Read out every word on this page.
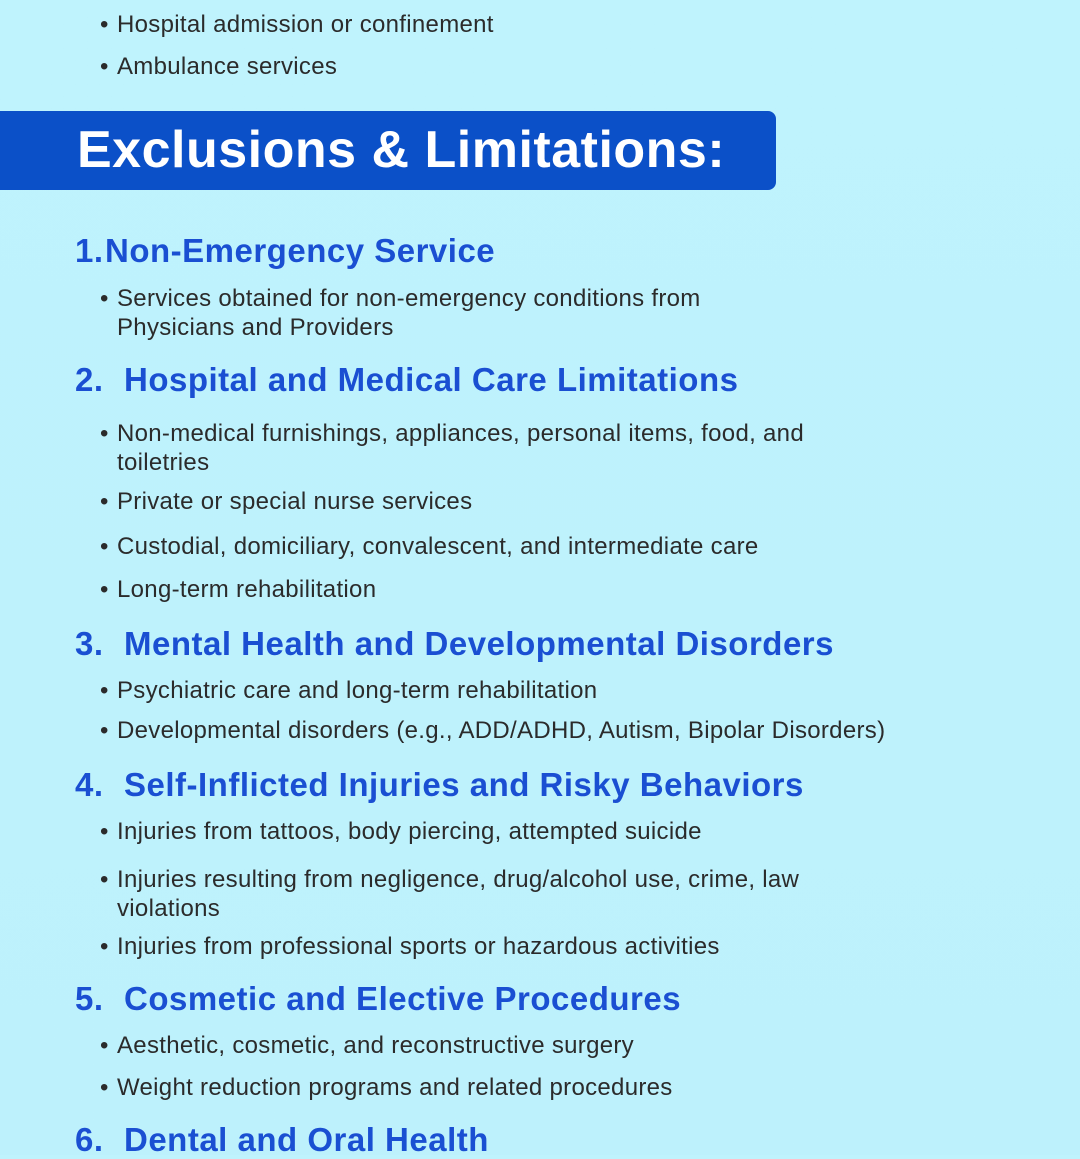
• Hospital admission or confinement
• Ambulance services
Exclusions & Limitations:
1. Non-Emergency Service
• Services obtained for non-emergency conditions from Physicians and Providers
2. Hospital and Medical Care Limitations
• Non-medical furnishings, appliances, personal items, food, and toiletries
• Private or special nurse services
• Custodial, domiciliary, convalescent, and intermediate care
• Long-term rehabilitation
3. Mental Health and Developmental Disorders
• Psychiatric care and long-term rehabilitation
• Developmental disorders (e.g., ADD/ADHD, Autism, Bipolar Disorders)
4. Self-Inflicted Injuries and Risky Behaviors
• Injuries from tattoos, body piercing, attempted suicide
• Injuries resulting from negligence, drug/alcohol use, crime, law violations
• Injuries from professional sports or hazardous activities
5. Cosmetic and Elective Procedures
• Aesthetic, cosmetic, and reconstructive surgery
• Weight reduction programs and related procedures
6. Dental and Oral Health
